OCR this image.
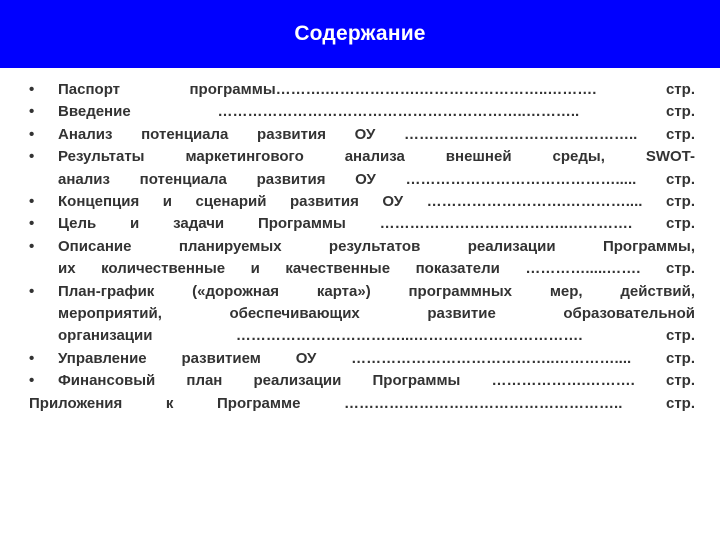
Содержание
• Паспорт программы……….……………….……………………..………. стр.
• Введение ……………………………………………………..……….. стр.
• Анализ потенциала развития ОУ ……………………………………….. стр.
• Результаты маркетингового анализа внешней среды, SWOT-
анализ потенциала развития ОУ ……………………………………..... стр.
• Концепция и сценарий развития ОУ ……………………….………….... стр.
• Цель и задачи Программы ………………………………..…………. стр.
• Описание планируемых результатов реализации Программы,
их количественные и качественные показатели ………….....……. стр.
• План-график («дорожная карта») программных мер, действий,
мероприятий, обеспечивающих развитие образовательной
организации ……………………………...……………………………. стр.
• Управление развитием ОУ …………………………………..………….... стр.
• Финансовый план реализации Программы ……………….………. стр.
Приложения к Программе ……………………………………………….. стр.
